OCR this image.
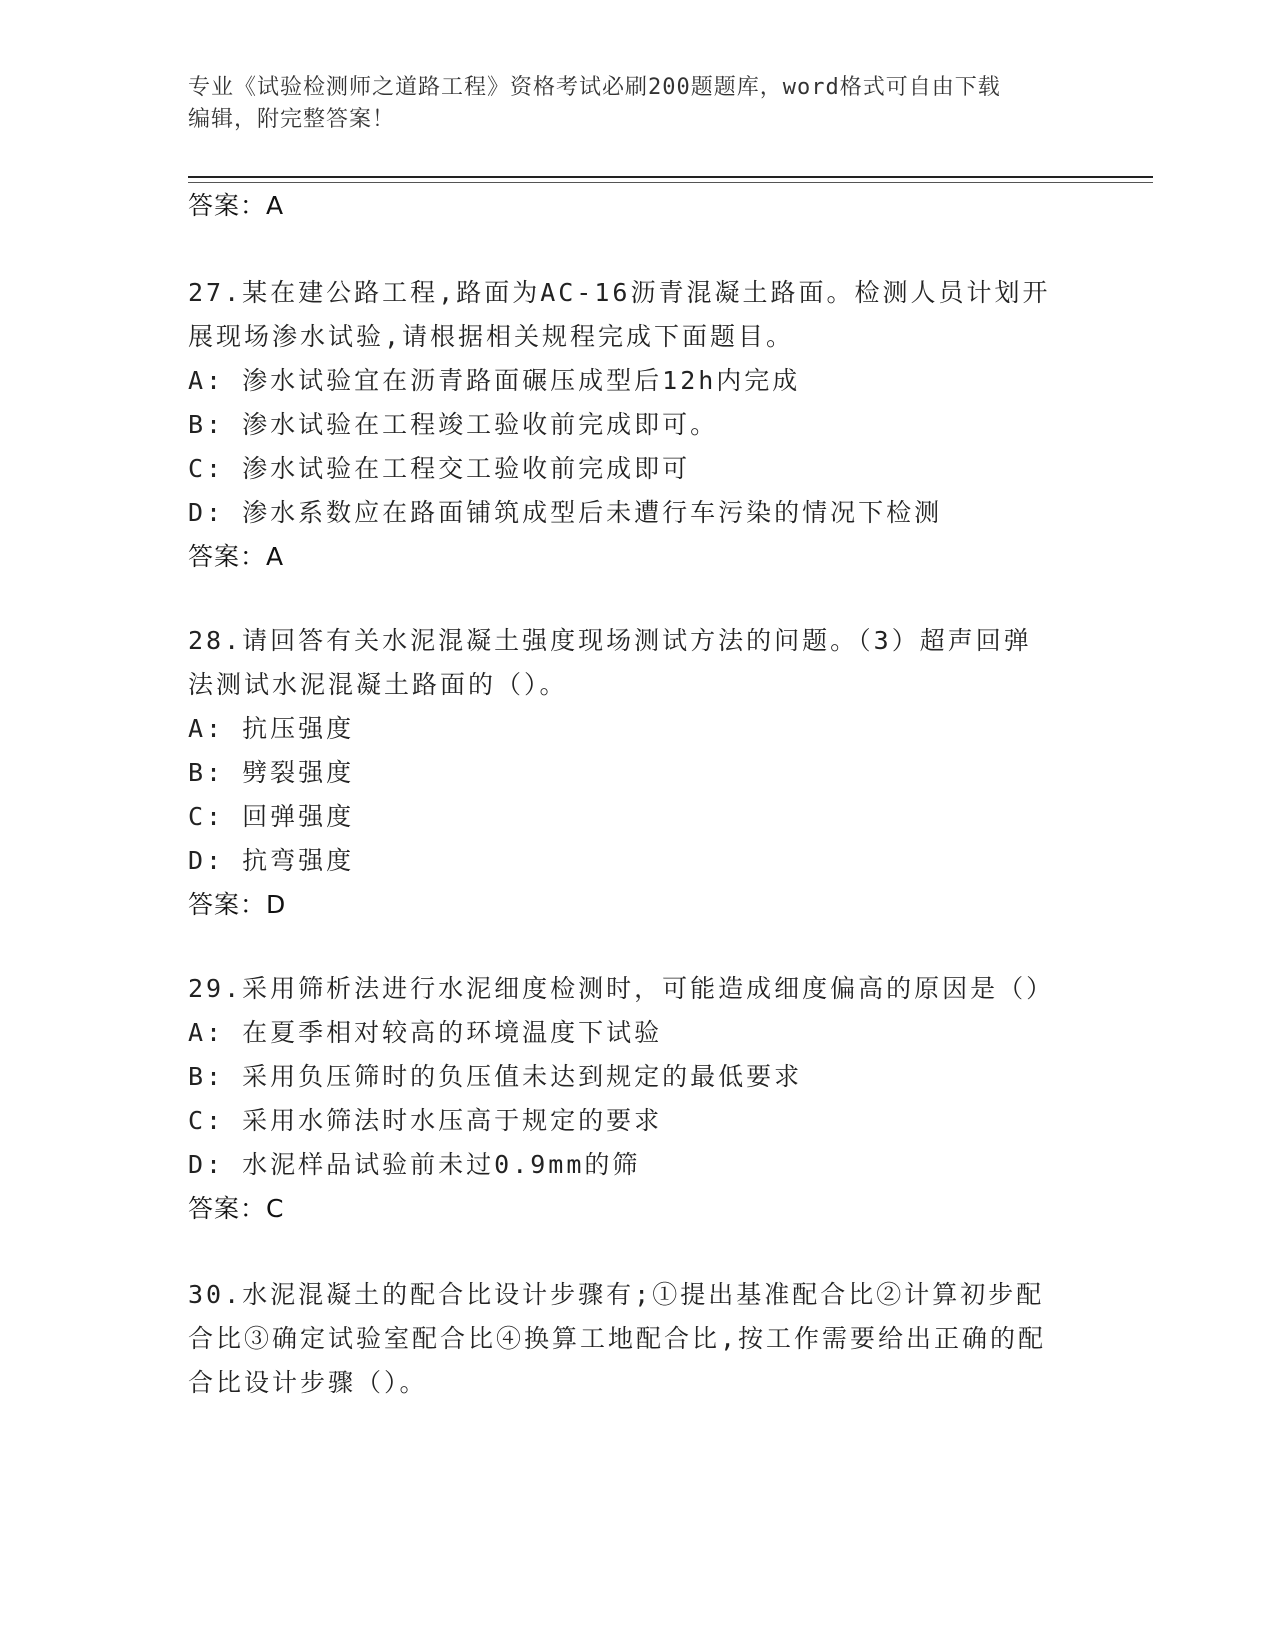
专业《试验检测师之道路工程》资格考试必刷200题题库，word格式可自由下载
编辑，附完整答案！
答案：A
27.某在建公路工程,路面为AC-16沥青混凝土路面。检测人员计划开
展现场渗水试验,请根据相关规程完成下面题目。
A: 渗水试验宜在沥青路面碾压成型后12h内完成
B: 渗水试验在工程竣工验收前完成即可。
C: 渗水试验在工程交工验收前完成即可
D: 渗水系数应在路面铺筑成型后未遭行车污染的情况下检测
答案：A
28.请回答有关水泥混凝土强度现场测试方法的问题。（3）超声回弹
法测试水泥混凝土路面的（）。
A: 抗压强度
B: 劈裂强度
C: 回弹强度
D: 抗弯强度
答案：D
29.采用筛析法进行水泥细度检测时，可能造成细度偏高的原因是（）
A: 在夏季相对较高的环境温度下试验
B: 采用负压筛时的负压值未达到规定的最低要求
C: 采用水筛法时水压高于规定的要求
D: 水泥样品试验前未过0.9mm的筛
答案：C
30.水泥混凝土的配合比设计步骤有;①提出基准配合比②计算初步配
合比③确定试验室配合比④换算工地配合比,按工作需要给出正确的配
合比设计步骤（）。
